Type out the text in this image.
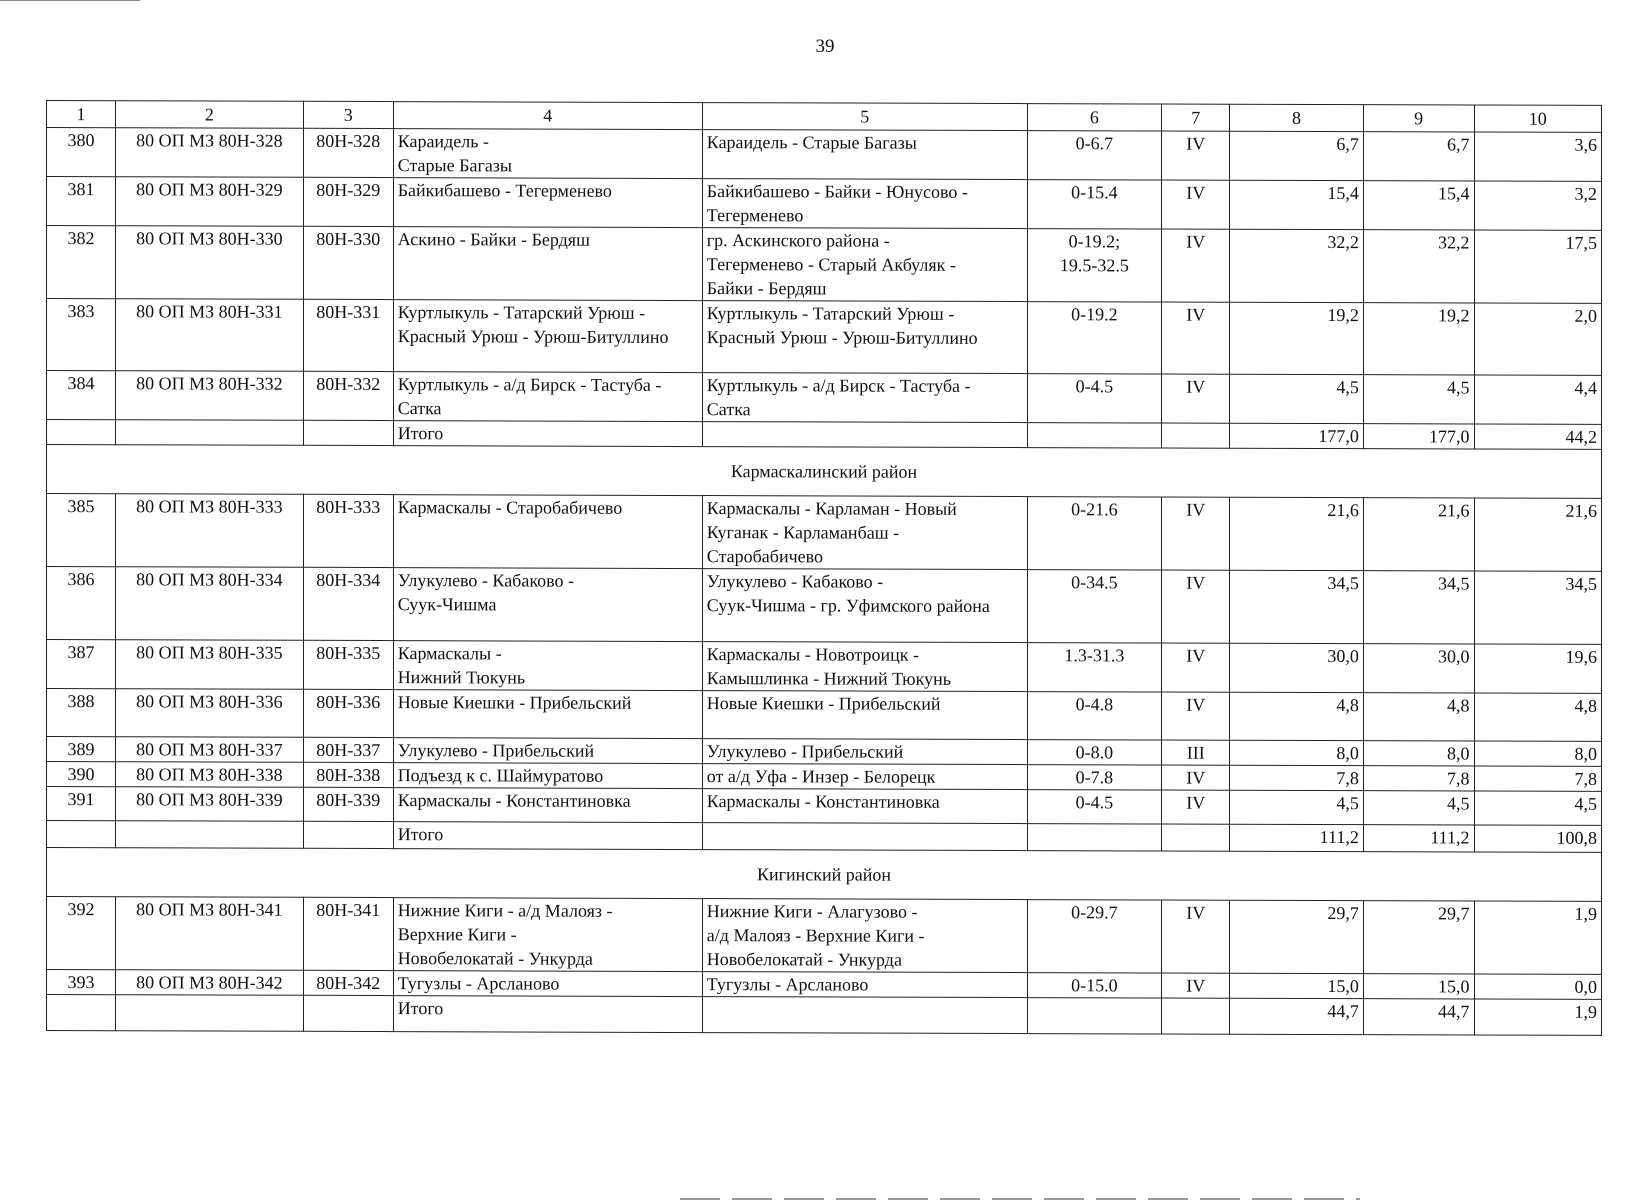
39
1	2	3	4	5	6	7	8	9	10
380	80 ОП МЗ 80Н-328	80Н-328	Караидель -
Старые Багазы	Караидель - Старые Багазы	0-6.7	IV	6,7	6,7	3,6
381	80 ОП МЗ 80Н-329	80Н-329	Байкибашево - Тегерменево	Байкибашево - Байки - Юнусово -
Тегерменево	0-15.4	IV	15,4	15,4	3,2
382	80 ОП МЗ 80Н-330	80Н-330	Аскино - Байки - Бердяш	гр. Аскинского района -
Тегерменево - Старый Акбуляк -
Байки - Бердяш	0-19.2;
19.5-32.5	IV	32,2	32,2	17,5
383	80 ОП МЗ 80Н-331	80Н-331	Куртлыкуль - Татарский Урюш -
Красный Урюш - Урюш-Битуллино	Куртлыкуль - Татарский Урюш -
Красный Урюш - Урюш-Битуллино	0-19.2	IV	19,2	19,2	2,0
384	80 ОП МЗ 80Н-332	80Н-332	Куртлыкуль - а/д Бирск - Тастуба -
Сатка	Куртлыкуль - а/д Бирск - Тастуба -
Сатка	0-4.5	IV	4,5	4,5	4,4
			Итого				177,0	177,0	44,2
Кармаскалинский район									
385	80 ОП МЗ 80Н-333	80Н-333	Кармаскалы - Старобабичево	Кармаскалы - Карламан - Новый
Куганак - Карламанбаш -
Старобабичево	0-21.6	IV	21,6	21,6	21,6
386	80 ОП МЗ 80Н-334	80Н-334	Улукулево - Кабаково -
Суук-Чишма	Улукулево - Кабаково -
Суук-Чишма - гр. Уфимского района	0-34.5	IV	34,5	34,5	34,5
387	80 ОП МЗ 80Н-335	80Н-335	Кармаскалы -
Нижний Тюкунь	Кармаскалы - Новотроицк -
Камышлинка - Нижний Тюкунь	1.3-31.3	IV	30,0	30,0	19,6
388	80 ОП МЗ 80Н-336	80Н-336	Новые Киешки - Прибельский	Новые Киешки - Прибельский	0-4.8	IV	4,8	4,8	4,8
389	80 ОП МЗ 80Н-337	80Н-337	Улукулево - Прибельский	Улукулево - Прибельский	0-8.0	III	8,0	8,0	8,0
390	80 ОП МЗ 80Н-338	80Н-338	Подъезд к с. Шаймуратово	от а/д Уфа - Инзер - Белорецк	0-7.8	IV	7,8	7,8	7,8
391	80 ОП МЗ 80Н-339	80Н-339	Кармаскалы - Константиновка	Кармаскалы - Константиновка	0-4.5	IV	4,5	4,5	4,5
			Итого				111,2	111,2	100,8
Кигинский район									
392	80 ОП МЗ 80Н-341	80Н-341	Нижние Киги - а/д Малояз -
Верхние Киги -
Новобелокатай - Ункурда	Нижние Киги - Алагузово -
а/д Малояз - Верхние Киги -
Новобелокатай - Ункурда	0-29.7	IV	29,7	29,7	1,9
393	80 ОП МЗ 80Н-342	80Н-342	Тугузлы - Арсланово	Тугузлы - Арсланово	0-15.0	IV	15,0	15,0	0,0
			Итого				44,7	44,7	1,9
